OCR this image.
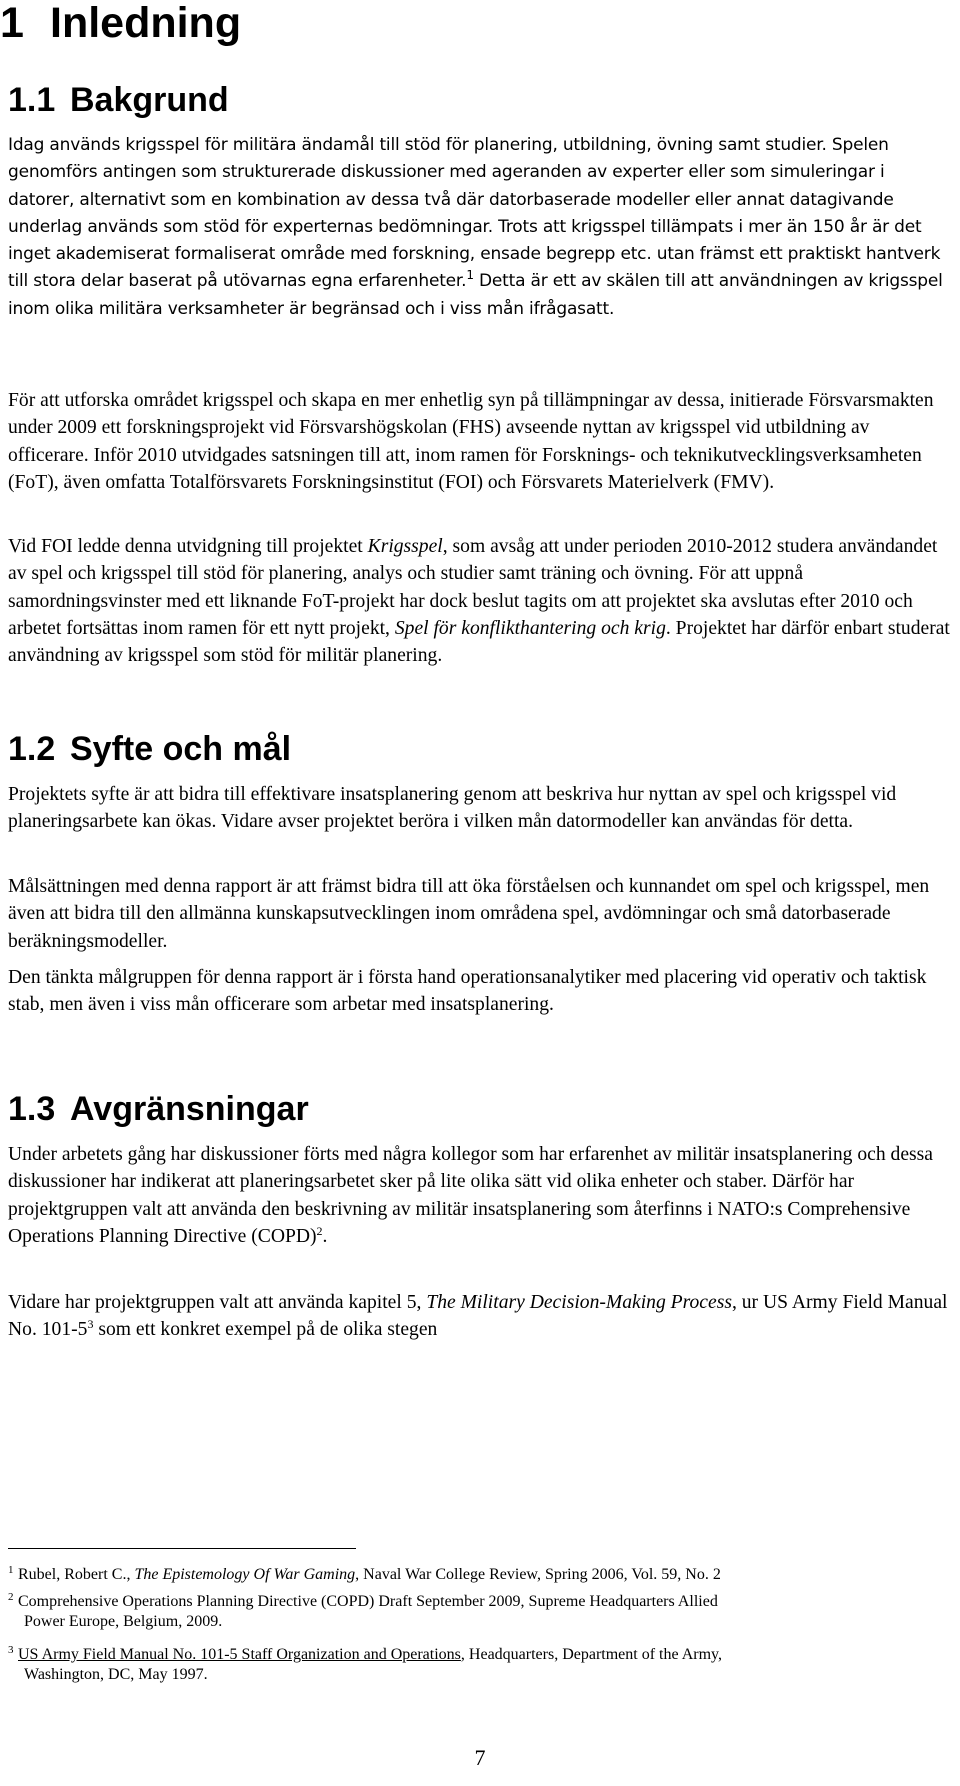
1 Inledning
1.1 Bakgrund

Idag används krigsspel för militära ändamål till stöd för planering, utbildning, övning samt studier. Spelen genomförs antingen som strukturerade diskussioner med ageranden av experter eller som simuleringar i datorer, alternativt som en kombination av dessa två där datorbaserade modeller eller annat datagivande underlag används som stöd för experternas bedömningar. Trots att krigsspel tillämpats i mer än 150 år är det inget akademiserat formaliserat område med forskning, ensade begrepp etc. utan främst ett praktiskt hantverk till stora delar baserat på utövarnas egna erfarenheter.$^1$ Detta är ett av skälen till att användningen av krigsspel inom olika militära verksamheter är begränsad och i viss mån ifrågasatt.

För att utforska området krigsspel och skapa en mer enhetlig syn på tillämpningar av dessa, initierade Försvarsmakten under 2009 ett forskningsprojekt vid Försvarshögskolan (FHS) avseende nyttan av krigsspel vid utbildning av officerare. Inför 2010 utvidgades satsningen till att, inom ramen för Forsknings- och teknikutvecklingsverksamheten (FoT), även omfatta Totalförsvarets Forskningsinstitut (FOI) och Försvarets Materielverk (FMV).

Vid FOI ledde denna utvidgning till projektet Krigsspel, som avsåg att under perioden 2010-2012 studera användandet av spel och krigsspel till stöd för planering, analys och studier samt träning och övning. För att uppnå samordningsvinster med ett liknande FoT-projekt har dock beslut tagits om att projektet ska avslutas efter 2010 och arbetet fortsättas inom ramen för ett nytt projekt, Spel för konflikthantering och krig. Projektet har därför enbart studerat användning av krigsspel som stöd för militär planering.

1.2 Syfte och mål

Projektets syfte är att bidra till effektivare insatsplanering genom att beskriva hur nyttan av spel och krigsspel vid planeringsarbete kan ökas. Vidare avser projektet beröra i vilken mån datormodeller kan användas för detta.

Målsättningen med denna rapport är att främst bidra till att öka förståelsen och kunnandet om spel och krigsspel, men även att bidra till den allmänna kunskapsutvecklingen inom områdena spel, avdömningar och små datorbaserade beräkningsmodeller.

Den tänkta målgruppen för denna rapport är i första hand operationsanalytiker med placering vid operativ och taktisk stab, men även i viss mån officerare som arbetar med insatsplanering.

1.3 Avgränsningar

Under arbetets gång har diskussioner förts med några kollegor som har erfarenhet av militär insatsplanering och dessa diskussioner har indikerat att planeringsarbetet sker på lite olika sätt vid olika enheter och staber. Därför har projektgruppen valt att använda den beskrivning av militär insatsplanering som återfinns i NATO:s Comprehensive Operations Planning Directive (COPD)$^2$.

Vidare har projektgruppen valt att använda kapitel 5, The Military Decision-Making Process, ur US Army Field Manual No. $101-5^3$ som ett konkret exempel på de olika stegen

1 Rubel, Robert C., The Epistemology Of War Gaming, Naval War College Review, Spring 2006, Vol. 59, No. 2
2 Comprehensive Operations Planning Directive (COPD) Draft September 2009, Supreme Headquarters Allied
Power Europe, Belgium, 2009.
3 US Army Field Manual No. 101-5 Staff Organization and Operations, Headquarters, Department of the Army,
Washington, DC, May 1997.
7
